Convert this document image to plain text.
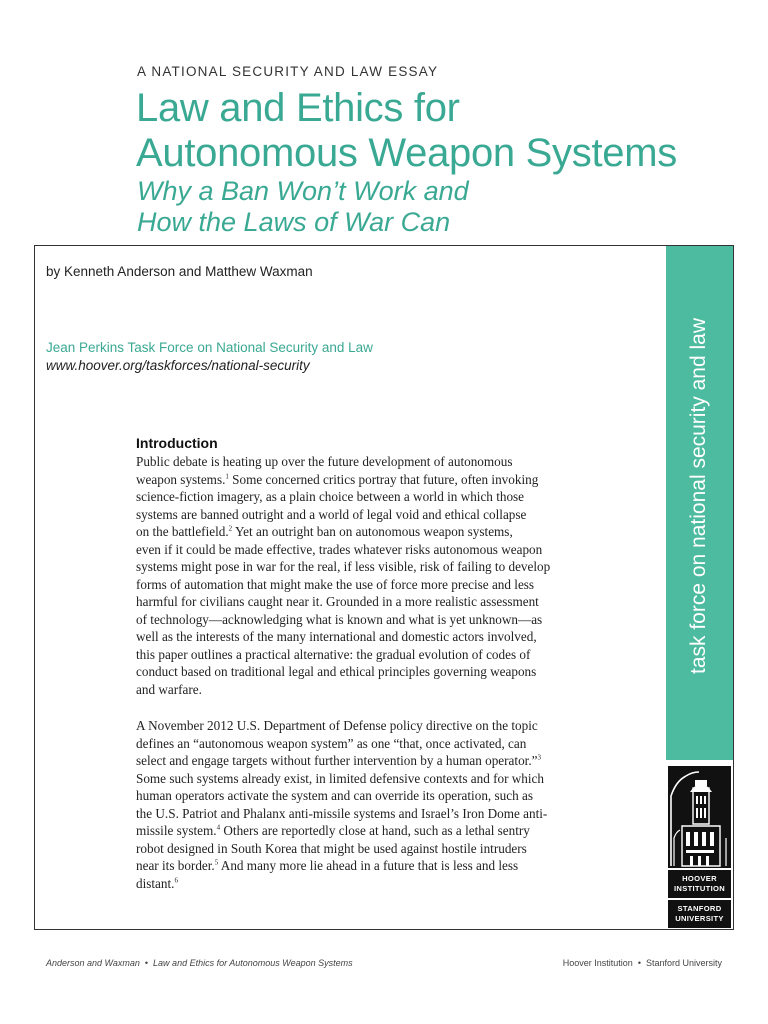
A NATIONAL SECURITY AND LAW ESSAY
Law and Ethics for
Autonomous Weapon Systems
Why a Ban Won’t Work and
How the Laws of War Can
task force on national security and law
HOOVER
INSTITUTION
STANFORD
UNIVERSITY
by Kenneth Anderson and Matthew Waxman
Jean Perkins Task Force on National Security and Law
www.hoover.org/taskforces/national-security
Introduction

Public debate is heating up over the future development of autonomous
weapon systems.$^1$ Some concerned critics portray that future, often invoking
science-fiction imagery, as a plain choice between a world in which those
systems are banned outright and a world of legal void and ethical collapse
on the battlefield.$^2$ Yet an outright ban on autonomous weapon systems,
even if it could be made effective, trades whatever risks autonomous weapon
systems might pose in war for the real, if less visible, risk of failing to develop
forms of automation that might make the use of force more precise and less
harmful for civilians caught near it. Grounded in a more realistic assessment
of technology—acknowledging what is known and what is yet unknown—as
well as the interests of the many international and domestic actors involved,
this paper outlines a practical alternative: the gradual evolution of codes of
conduct based on traditional legal and ethical principles governing weapons
and warfare.

A November 2012 U.S. Department of Defense policy directive on the topic
defines an “autonomous weapon system” as one “that, once activated, can
select and engage targets without further intervention by a human operator.”$^3$
Some such systems already exist, in limited defensive contexts and for which
human operators activate the system and can override its operation, such as
the U.S. Patriot and Phalanx anti-missile systems and Israel’s Iron Dome anti-
missile system.$^4$ Others are reportedly close at hand, such as a lethal sentry
robot designed in South Korea that might be used against hostile intruders
near its border.$^5$ And many more lie ahead in a future that is less and less
distant.$^6$

Anderson and Waxman • Law and Ethics for Autonomous Weapon Systems	Hoover Institution • Stanford University
